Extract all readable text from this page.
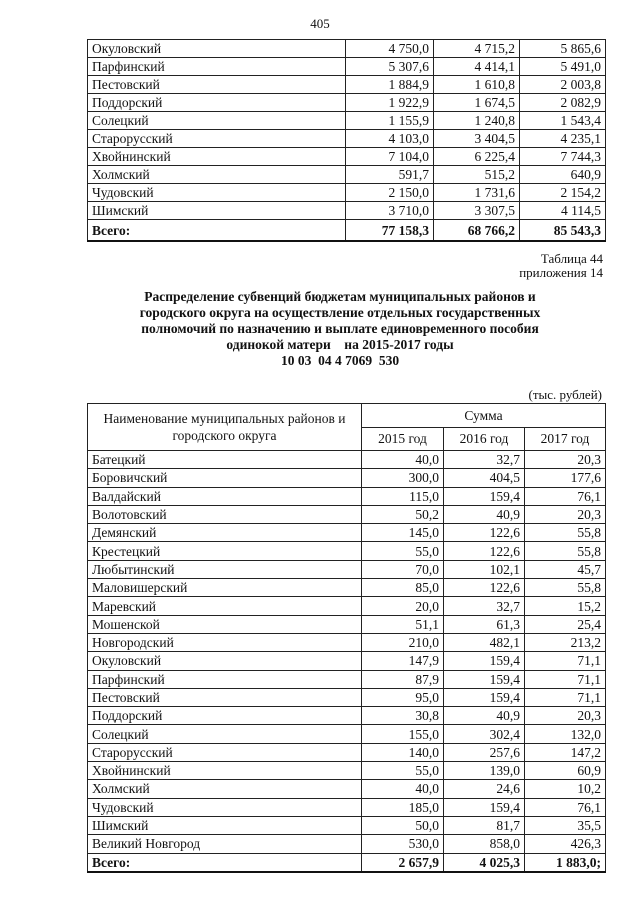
405
Окуловский	4 750,0	4 715,2	5 865,6
Парфинский	5 307,6	4 414,1	5 491,0
Пестовский	1 884,9	1 610,8	2 003,8
Поддорский	1 922,9	1 674,5	2 082,9
Солецкий	1 155,9	1 240,8	1 543,4
Старорусский	4 103,0	3 404,5	4 235,1
Хвойнинский	7 104,0	6 225,4	7 744,3
Холмский	591,7	515,2	640,9
Чудовский	2 150,0	1 731,6	2 154,2
Шимский	3 710,0	3 307,5	4 114,5
Всего:	77 158,3	68 766,2	85 543,3
Таблица 44
приложения 14
Распределение субвенций бюджетам муниципальных районов и
городского округа на осуществление отдельных государственных
полномочий по назначению и выплате единовременного пособия
одинокой матери    на 2015-2017 годы
10 03  04 4 7069  530
(тыс. рублей)
Наименование муниципальных районов и городского округа	Сумма		
	2015 год	2016 год	2017 год
Батецкий	40,0	32,7	20,3
Боровичский	300,0	404,5	177,6
Валдайский	115,0	159,4	76,1
Волотовский	50,2	40,9	20,3
Демянский	145,0	122,6	55,8
Крестецкий	55,0	122,6	55,8
Любытинский	70,0	102,1	45,7
Маловишерский	85,0	122,6	55,8
Маревский	20,0	32,7	15,2
Мошенской	51,1	61,3	25,4
Новгородский	210,0	482,1	213,2
Окуловский	147,9	159,4	71,1
Парфинский	87,9	159,4	71,1
Пестовский	95,0	159,4	71,1
Поддорский	30,8	40,9	20,3
Солецкий	155,0	302,4	132,0
Старорусский	140,0	257,6	147,2
Хвойнинский	55,0	139,0	60,9
Холмский	40,0	24,6	10,2
Чудовский	185,0	159,4	76,1
Шимский	50,0	81,7	35,5
Великий Новгород	530,0	858,0	426,3
Всего:	2 657,9	4 025,3	1 883,0;
